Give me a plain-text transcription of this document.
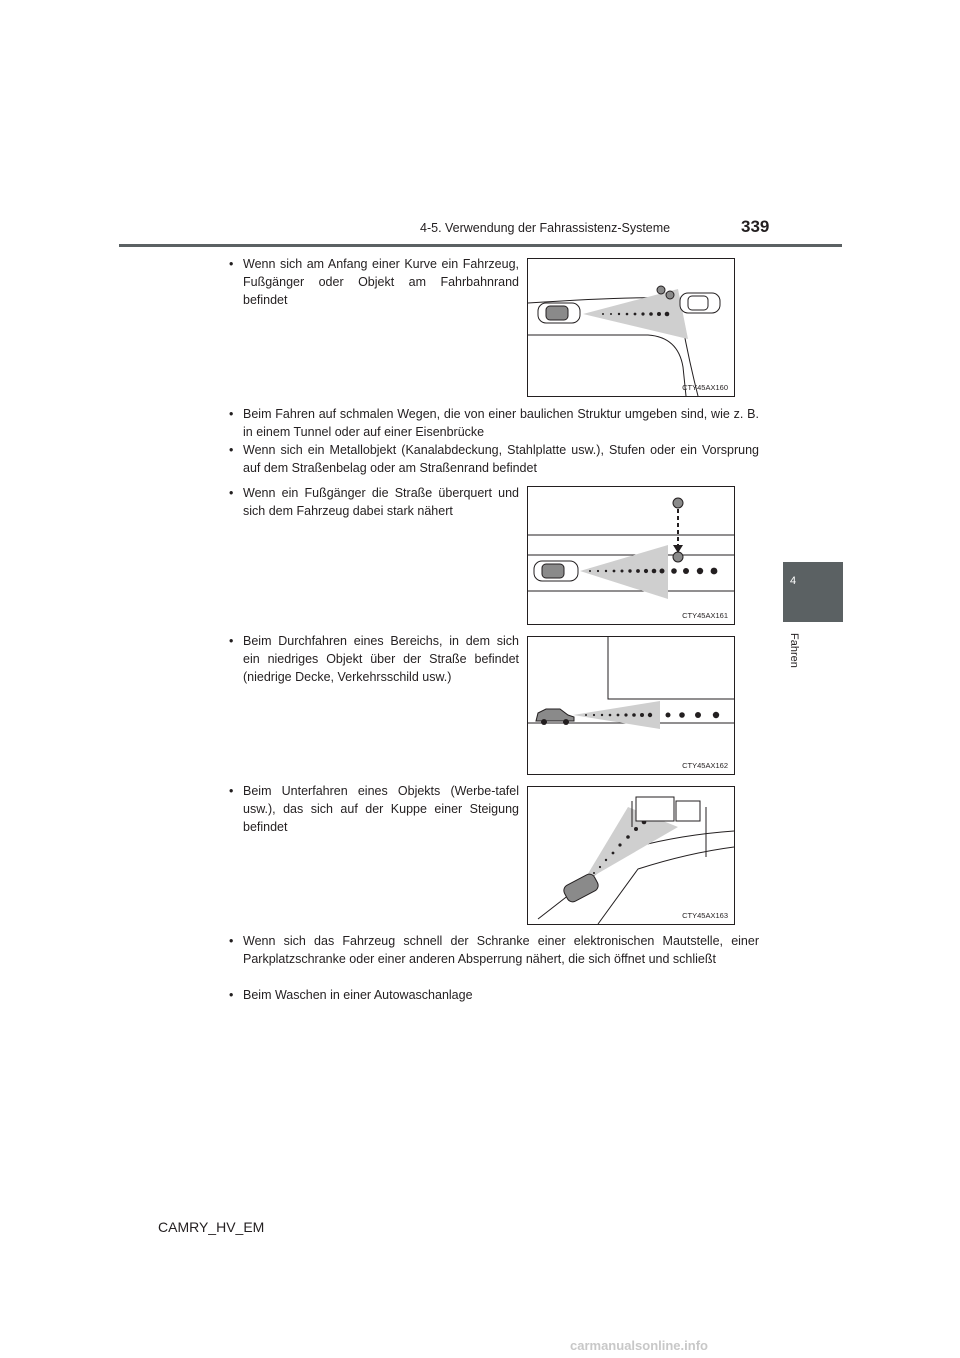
4-5. Verwendung der Fahrassistenz-Systeme	339
4
Fahren
• Wenn sich am Anfang einer Kurve ein Fahrzeug, Fußgänger oder Objekt am Fahrbahnrand befindet
CTY45AX160
• Beim Fahren auf schmalen Wegen, die von einer baulichen Struktur umgeben sind, wie z. B. in einem Tunnel oder auf einer Eisenbrücke
• Wenn sich ein Metallobjekt (Kanalabdeckung, Stahlplatte usw.), Stufen oder ein Vorsprung auf dem Straßenbelag oder am Straßenrand befindet
• Wenn ein Fußgänger die Straße überquert und sich dem Fahrzeug dabei stark nähert
CTY45AX161
• Beim Durchfahren eines Bereichs, in dem sich ein niedriges Objekt über der Straße befindet (niedrige Decke, Verkehrsschild usw.)
CTY45AX162
• Beim Unterfahren eines Objekts (Werbe-tafel usw.), das sich auf der Kuppe einer Steigung befindet
CTY45AX163
• Wenn sich das Fahrzeug schnell der Schranke einer elektronischen Mautstelle, einer Parkplatzschranke oder einer anderen Absperrung nähert, die sich öffnet und schließt
• Beim Waschen in einer Autowaschanlage
CAMRY_HV_EM
carmanualsonline.info
